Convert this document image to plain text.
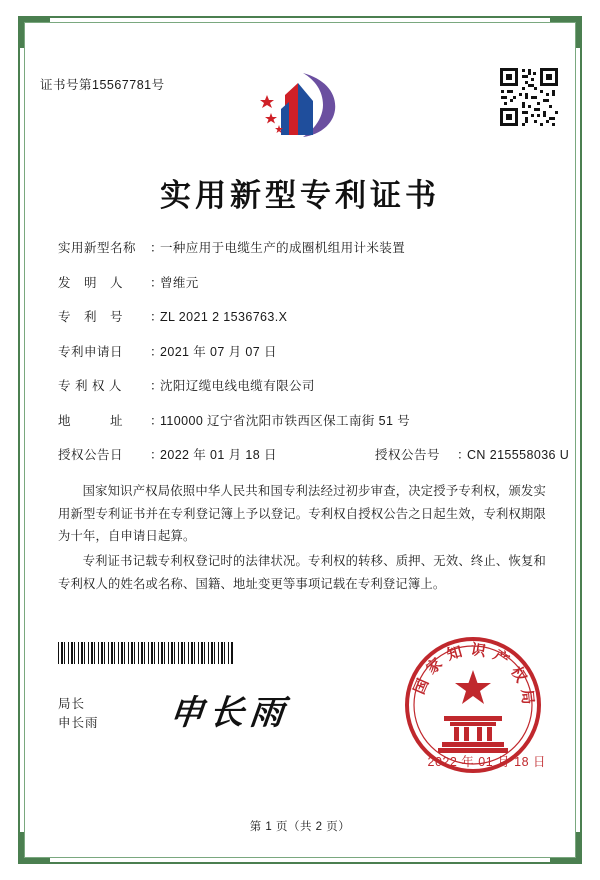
证书号第15567781号
实用新型专利证书
实用新型名称	：
一种应用于电缆生产的成圈机组用计米装置
发　明　人	：
曾维元
专　利　号	：
ZL 2021 2 1536763.X
专利申请日	：
2021 年 07 月 07 日
专 利 权 人	：
沈阳辽缆电线电缆有限公司
地　　　址	：
110000 辽宁省沈阳市铁西区保工南街 51 号
授权公告日	：
2022 年 01 月 18 日	授权公告号	：
CN 215558036 U

国家知识产权局依照中华人民共和国专利法经过初步审查，决定授予专利权，颁发实用新型专利证书并在专利登记簿上予以登记。专利权自授权公告之日起生效，专利权期限为十年，自申请日起算。

专利证书记载专利权登记时的法律状况。专利权的转移、质押、无效、终止、恢复和专利权人的姓名或名称、国籍、地址变更等事项记载在专利登记簿上。

局长
申长雨 申长雨
国家知识产权局
2022 年 01 月 18 日
第 1 页（共 2 页）
